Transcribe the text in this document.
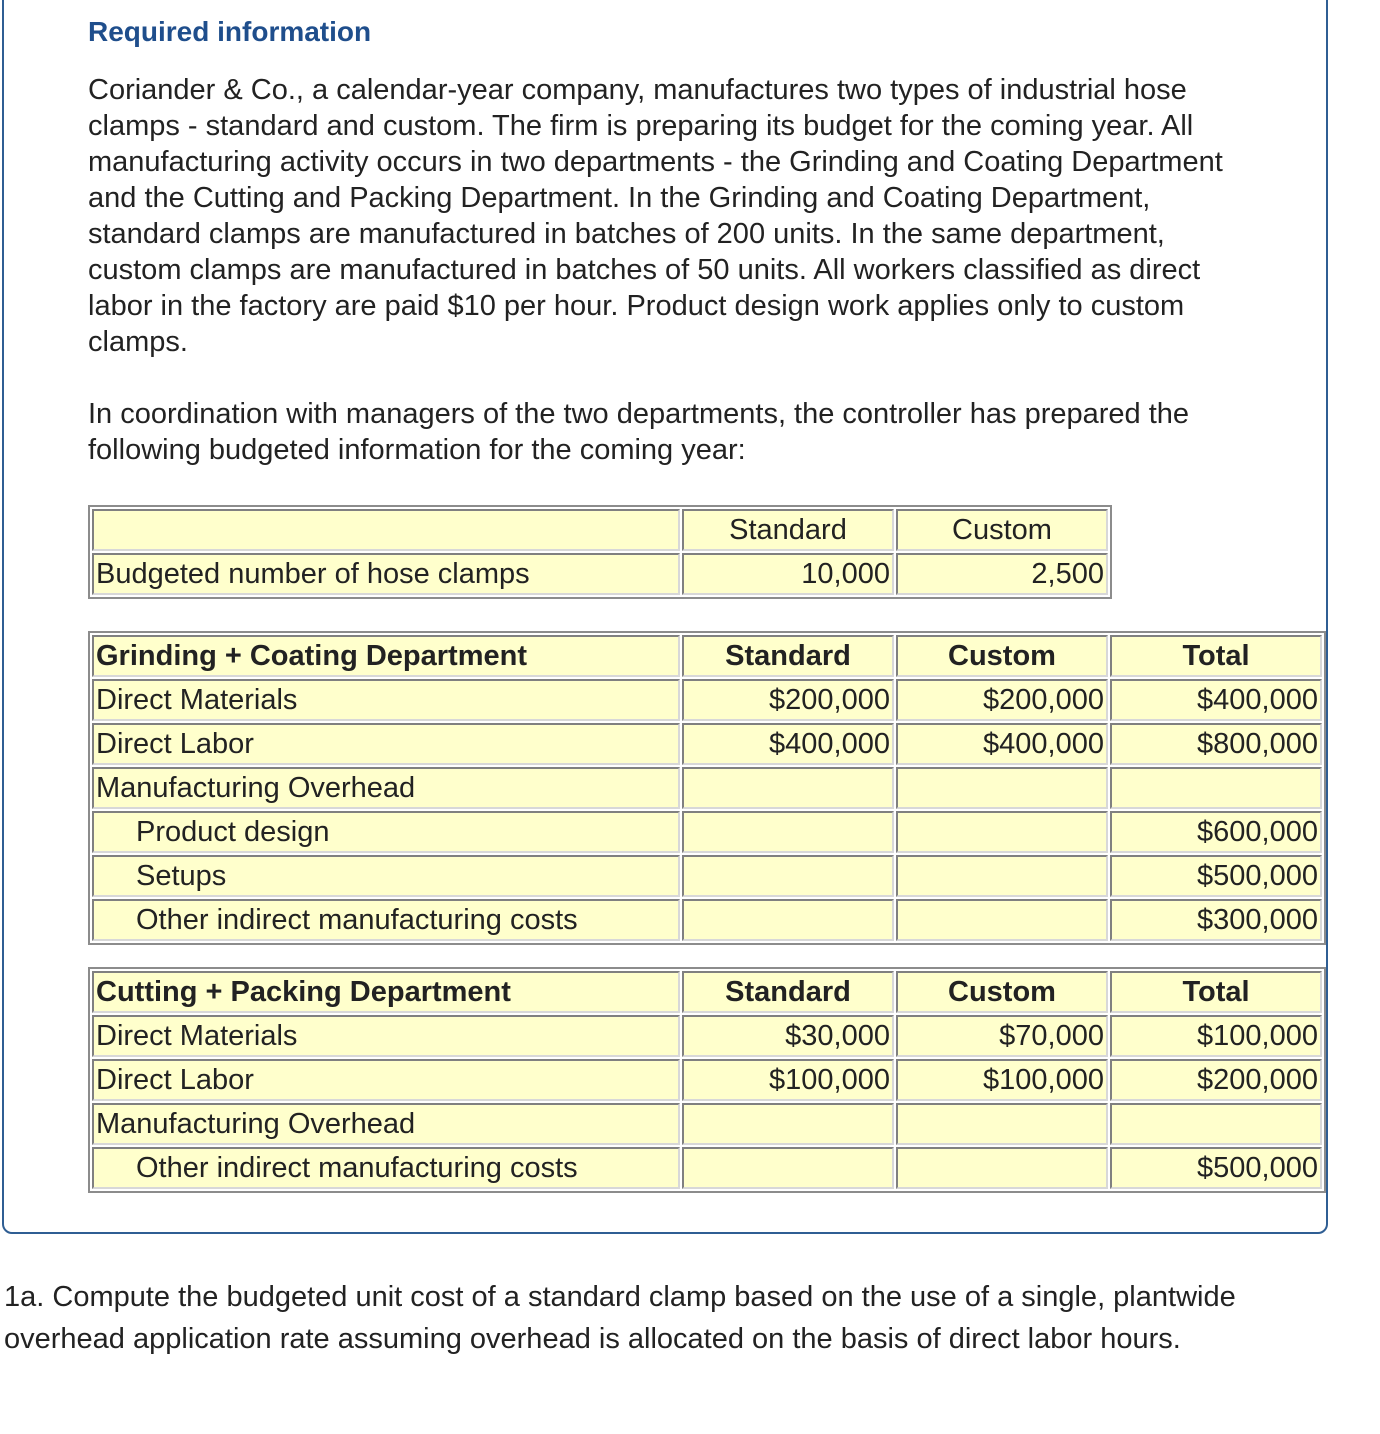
Required information

Coriander & Co., a calendar-year company, manufactures two types of industrial hose clamps - standard and custom. The firm is preparing its budget for the coming year. All manufacturing activity occurs in two departments - the Grinding and Coating Department and the Cutting and Packing Department. In the Grinding and Coating Department, standard clamps are manufactured in batches of 200 units. In the same department, custom clamps are manufactured in batches of 50 units. All workers classified as direct labor in the factory are paid $10 per hour. Product design work applies only to custom clamps.

In coordination with managers of the two departments, the controller has prepared the following budgeted information for the coming year:

	Standard	Custom
Budgeted number of hose clamps	10,000	2,500
Grinding + Coating Department	Standard	Custom	Total
Direct Materials	$200,000	$200,000	$400,000
Direct Labor	$400,000	$400,000	$800,000
Manufacturing Overhead			
Product design			$600,000
Setups			$500,000
Other indirect manufacturing costs			$300,000
Cutting + Packing Department	Standard	Custom	Total
Direct Materials	$30,000	$70,000	$100,000
Direct Labor	$100,000	$100,000	$200,000
Manufacturing Overhead			
Other indirect manufacturing costs			$500,000

1a. Compute the budgeted unit cost of a standard clamp based on the use of a single, plantwide overhead application rate assuming overhead is allocated on the basis of direct labor hours.
